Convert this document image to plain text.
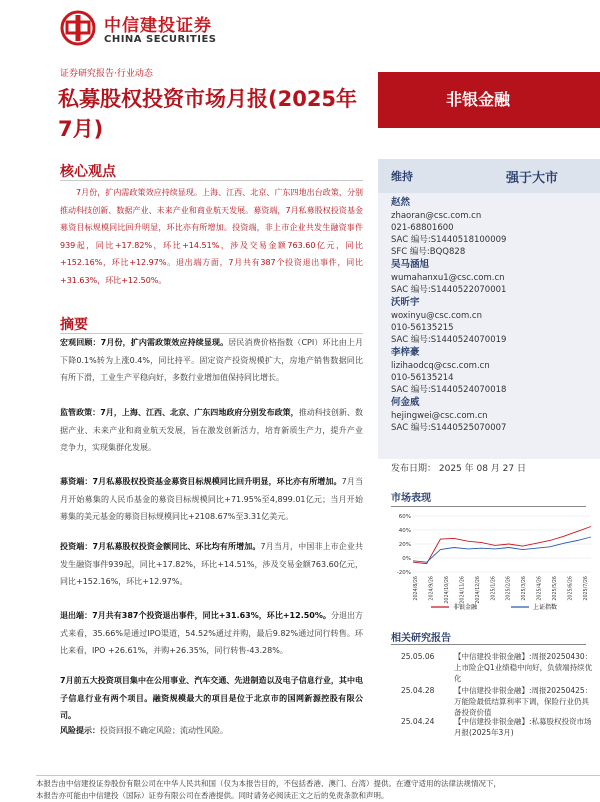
中信建投证券
CHINA SECURITIES
证券研究报告·行业动态
私募股权投资市场月报(2025年7月)
非银金融
核心观点
7月份，扩内需政策效应持续显现。上海、江西、北京、广东四地出台政策，分别推动科技创新、数据产业、未来产业和商业航天发展。募资端，7月私募股权投资基金募资目标规模同比回升明显，环比亦有所增加。投资端，非上市企业共发生融资事件939起，同比+17.82%，环比+14.51%，涉及交易金额763.60亿元，同比+152.16%，环比+12.97%。退出端方面，7月共有387个投资退出事件，同比+31.63%，环比+12.50%。
摘要
宏观回顾：7月份，扩内需政策效应持续显现。居民消费价格指数（CPI）环比由上月下降0.1%转为上涨0.4%，同比持平。固定资产投资规模扩大，房地产销售数据同比有所下滑，工业生产平稳向好，多数行业增加值保持同比增长。
监管政策：7月，上海、江西、北京、广东四地政府分别发布政策，推动科技创新、数据产业、未来产业和商业航天发展，旨在激发创新活力，培育新质生产力，提升产业竞争力，实现集群化发展。
募资端：7月私募股权投资基金募资目标规模同比回升明显，环比亦有所增加。7月当月开始募集的人民币基金的募资目标规模同比+71.95%至4,899.01亿元；当月开始募集的美元基金的募资目标规模同比+2108.67%至3.31亿美元。
投资端：7月私募股权投资金额同比、环比均有所增加。7月当月，中国非上市企业共发生融资事件939起，同比+17.82%，环比+14.51%，涉及交易金额763.60亿元，同比+152.16%，环比+12.97%。
退出端：7月共有387个投资退出事件，同比+31.63%，环比+12.50%。分退出方式来看，35.66%是通过IPO渠道，54.52%通过并购，最后9.82%通过同行转售。环比来看，IPO +26.61%，并购+26.35%，同行转售-43.28%。
7月前五大投资项目集中在公用事业、汽车交通、先进制造以及电子信息行业，其中电子信息行业有两个项目。融资规模最大的项目是位于北京市的国网新源控股有限公司。
风险提示：投资回报不确定风险；流动性风险。
维持	强于大市
赵然
zhaoran@csc.com.cn
021-68801600
SAC 编号:S1440518100009
SFC 编号:BQQ828
吴马涵旭
wumahanxu1@csc.com.cn
SAC 编号:S1440522070001
沃昕宇
woxinyu@csc.com.cn
010-56135215
SAC 编号:S1440524070019
李梓豪
lizihaodcq@csc.com.cn
010-56135214
SAC 编号:S1440524070018
何金威
hejingwei@csc.com.cn
SAC 编号:S1440525070007
发布日期： 2025 年 08 月 27 日
市场表现
60%
40%
20%
0%
-20%
2024/8/26 2024/9/26 2024/10/26 2024/11/26 2024/12/26 2025/1/26 2025/2/26 2025/3/26 2025/4/26 2025/5/26 2025/6/26 2025/7/26
非银金融	上证指数
相关研究报告
25.05.06	【中信建投非银金融】:周报20250430：上市险企Q1业绩稳中向好，负债端持续优化
25.04.28	【中信建投非银金融】:周报20250425：万能险最低结算利率下调，保险行业仍具备投资价值
25.04.24	【中信建投非银金融】:私募股权投资市场月报(2025年3月)
本报告由中信建投证券股份有限公司在中华人民共和国（仅为本报告目的，不包括香港、澳门、台湾）提供。在遵守适用的法律法规情况下，
本报告亦可能由中信建投（国际）证券有限公司在香港提供。同时请务必阅读正文之后的免责条款和声明。
